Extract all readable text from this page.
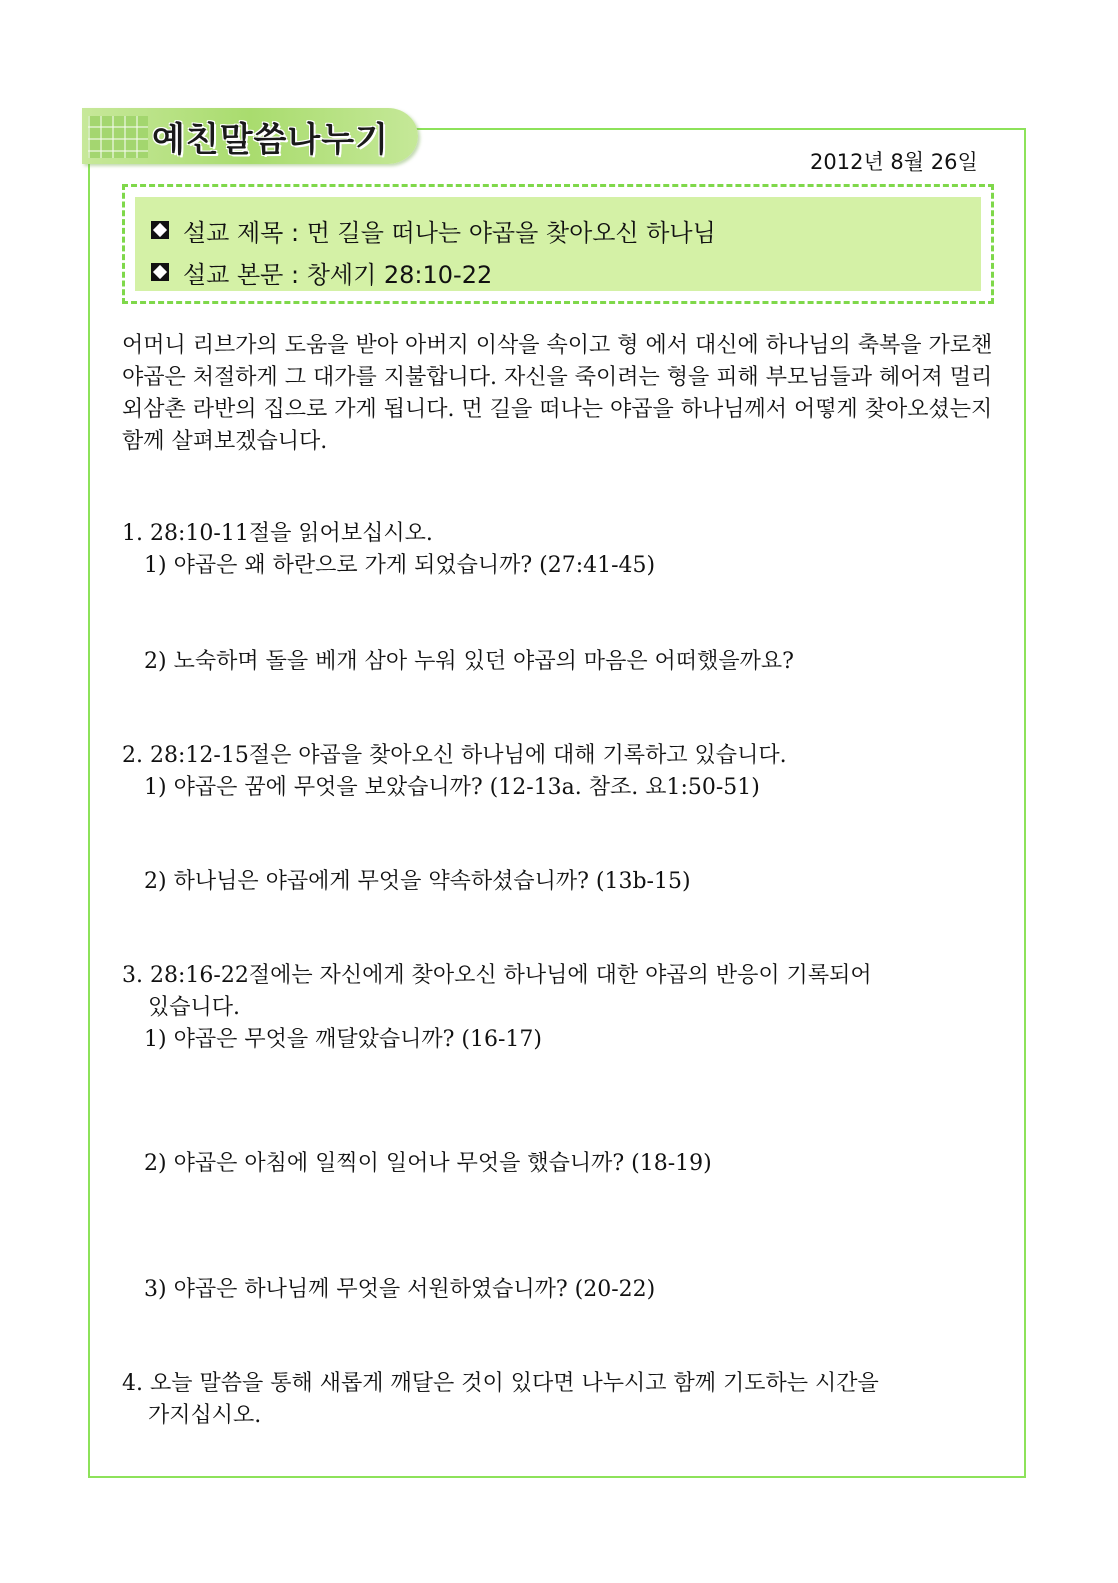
예친말씀나누기
2012년 8월 26일
설교 제목 : 먼 길을 떠나는 야곱을 찾아오신 하나님
설교 본문 : 창세기 28:10-22

어머니 리브가의 도움을 받아 아버지 이삭을 속이고 형 에서 대신에 하나님의 축복을 가로챈 야곱은 처절하게 그 대가를 지불합니다. 자신을 죽이려는 형을 피해 부모님들과 헤어져 멀리 외삼촌 라반의 집으로 가게 됩니다. 먼 길을 떠나는 야곱을 하나님께서 어떻게 찾아오셨는지 함께 살펴보겠습니다.

1. 28:10-11절을 읽어보십시오.

1) 야곱은 왜 하란으로 가게 되었습니까? (27:41-45)

2) 노숙하며 돌을 베개 삼아 누워 있던 야곱의 마음은 어떠했을까요?

2. 28:12-15절은 야곱을 찾아오신 하나님에 대해 기록하고 있습니다.

1) 야곱은 꿈에 무엇을 보았습니까? (12-13a. 참조. 요1:50-51)

2) 하나님은 야곱에게 무엇을 약속하셨습니까? (13b-15)

3. 28:16-22절에는 자신에게 찾아오신 하나님에 대한 야곱의 반응이 기록되어
있습니다.

1) 야곱은 무엇을 깨달았습니까? (16-17)

2) 야곱은 아침에 일찍이 일어나 무엇을 했습니까? (18-19)

3) 야곱은 하나님께 무엇을 서원하였습니까? (20-22)

4. 오늘 말씀을 통해 새롭게 깨달은 것이 있다면 나누시고 함께 기도하는 시간을
가지십시오.
